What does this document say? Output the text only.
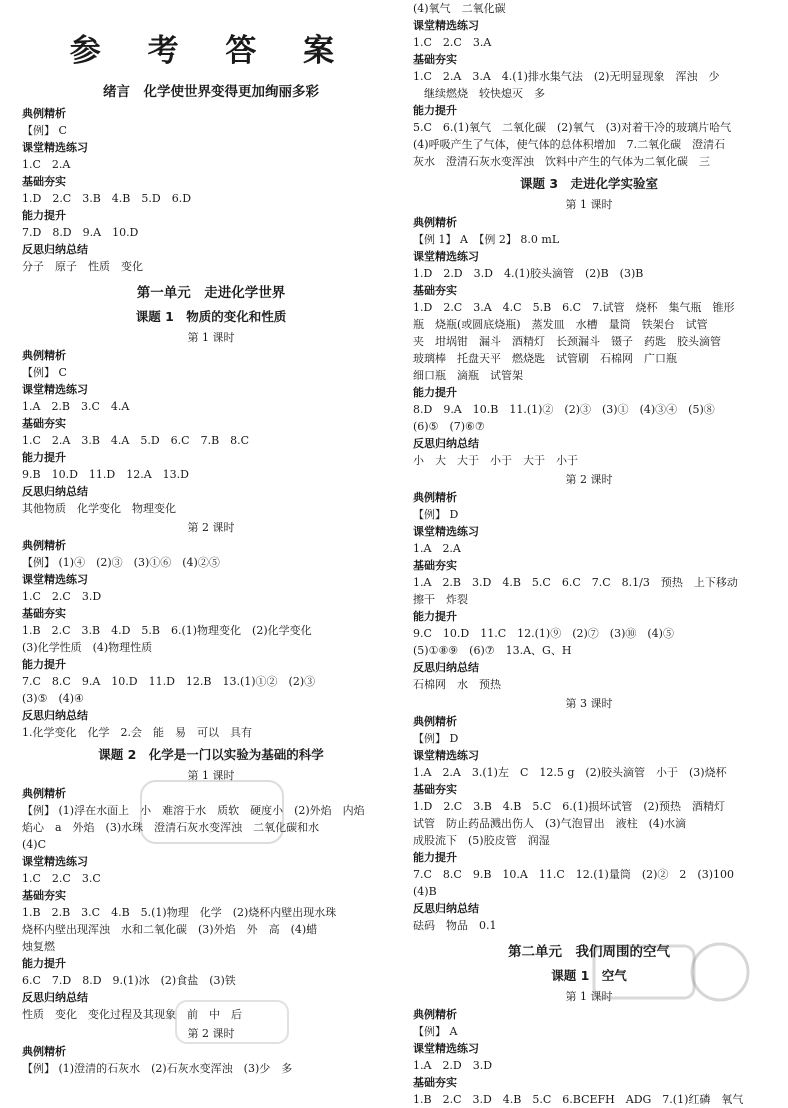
参 考 答 案
绪言　化学使世界变得更加绚丽多彩
典例精析
【例】 C
课堂精选练习
1.C　2.A
基础夯实
1.D　2.C　3.B　4.B　5.D　6.D
能力提升
7.D　8.D　9.A　10.D
反思归纳总结
分子　原子　性质　变化
第一单元　走进化学世界
课题 1　物质的变化和性质
第 1 课时
典例精析
【例】 C
课堂精选练习
1.A　2.B　3.C　4.A
基础夯实
1.C　2.A　3.B　4.A　5.D　6.C　7.B　8.C
能力提升
9.B　10.D　11.D　12.A　13.D
反思归纳总结
其他物质　化学变化　物理变化
第 2 课时
典例精析
【例】 (1)④　(2)③　(3)①⑥　(4)②⑤
课堂精选练习
1.C　2.C　3.D
基础夯实
1.B　2.C　3.B　4.D　5.B　6.(1)物理变化　(2)化学变化
(3)化学性质　(4)物理性质
能力提升
7.C　8.C　9.A　10.D　11.D　12.B　13.(1)①②　(2)③
(3)⑤　(4)④
反思归纳总结
1.化学变化　化学　2.会　能　易　可以　具有
课题 2　化学是一门以实验为基础的科学
第 1 课时
典例精析
【例】 (1)浮在水面上　小　难溶于水　质软　硬度小　(2)外焰　内焰
焰心　a　外焰　(3)水珠　澄清石灰水变浑浊　二氧化碳和水
(4)C
课堂精选练习
1.C　2.C　3.C
基础夯实
1.B　2.B　3.C　4.B　5.(1)物理　化学　(2)烧杯内壁出现水珠
烧杯内壁出现浑浊　水和二氧化碳　(3)外焰　外　高　(4)蜡
烛复燃
能力提升
6.C　7.D　8.D　9.(1)冰　(2)食盐　(3)铁
反思归纳总结
性质　变化　变化过程及其现象　前　中　后
第 2 课时
典例精析
【例】 (1)澄清的石灰水　(2)石灰水变浑浊　(3)少　多
(4)氧气　二氧化碳
课堂精选练习
1.C　2.C　3.A
基础夯实
1.C　2.A　3.A　4.(1)排水集气法　(2)无明显现象　浑浊　少
　继续燃烧　较快熄灭　多
能力提升
5.C　6.(1)氧气　二氧化碳　(2)氧气　(3)对着干冷的玻璃片哈气
(4)呼吸产生了气体，使气体的总体积增加　7.二氧化碳　澄清石
灰水　澄清石灰水变浑浊　饮料中产生的气体为二氧化碳　三
课题 3　走进化学实验室
第 1 课时
典例精析
【例 1】 A　【例 2】 8.0 mL
课堂精选练习
1.D　2.D　3.D　4.(1)胶头滴管　(2)B　(3)B
基础夯实
1.D　2.C　3.A　4.C　5.B　6.C　7.试管　烧杯　集气瓶　锥形
瓶　烧瓶(或圆底烧瓶)　蒸发皿　水槽　量筒　铁架台　试管
夹　坩埚钳　漏斗　酒精灯　长颈漏斗　镊子　药匙　胶头滴管
玻璃棒　托盘天平　燃烧匙　试管刷　石棉网　广口瓶
细口瓶　滴瓶　试管架
能力提升
8.D　9.A　10.B　11.(1)②　(2)③　(3)①　(4)③④　(5)⑧
(6)⑤　(7)⑥⑦
反思归纳总结
小　大　大于　小于　大于　小于
第 2 课时
典例精析
【例】 D
课堂精选练习
1.A　2.A
基础夯实
1.A　2.B　3.D　4.B　5.C　6.C　7.C　8.1/3　预热　上下移动
擦干　炸裂
能力提升
9.C　10.D　11.C　12.(1)⑨　(2)⑦　(3)⑩　(4)⑤
(5)①⑧⑨　(6)⑦　13.A、G、H
反思归纳总结
石棉网　水　预热
第 3 课时
典例精析
【例】 D
课堂精选练习
1.A　2.A　3.(1)左　C　12.5 g　(2)胶头滴管　小于　(3)烧杯
基础夯实
1.D　2.C　3.B　4.B　5.C　6.(1)损坏试管　(2)预热　酒精灯
试管　防止药品溅出伤人　(3)气泡冒出　液柱　(4)水滴
成股流下　(5)胶皮管　润湿
能力提升
7.C　8.C　9.B　10.A　11.C　12.(1)量筒　(2)②　2　(3)100
(4)B
反思归纳总结
砝码　物品　0.1
第二单元　我们周围的空气
课题 1　空气
第 1 课时
典例精析
【例】 A
课堂精选练习
1.A　2.D　3.D
基础夯实
1.B　2.C　3.D　4.B　5.C　6.BCEFH　ADG　7.(1)红磷　氧气
